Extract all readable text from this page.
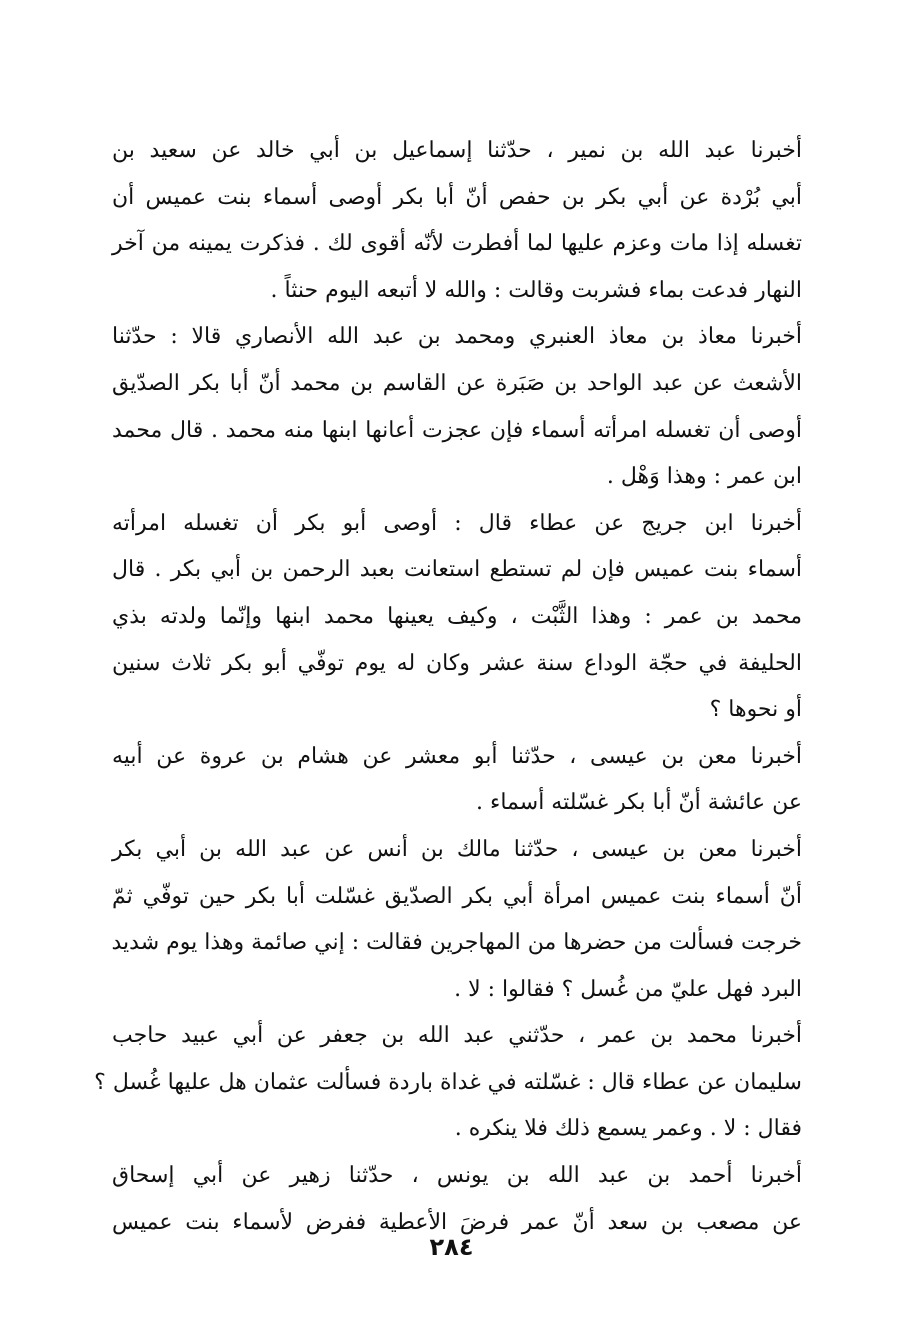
أخبرنا عبد الله بن نمير ، حدّثنا إسماعيل بن أبي خالد عن سعيد بن
أبي بُرْدة عن أبي بكر بن حفص أنّ أبا بكر أوصى أسماء بنت عميس أن
تغسله إذا مات وعزم عليها لما أفطرت لأنّه أقوى لك . فذكرت يمينه من آخر
النهار فدعت بماء فشربت وقالت : والله لا أتبعه اليوم حنثاً .
أخبرنا معاذ بن معاذ العنبري ومحمد بن عبد الله الأنصاري قالا : حدّثنا
الأشعث عن عبد الواحد بن صَبَرة عن القاسم بن محمد أنّ أبا بكر الصدّيق
أوصى أن تغسله امرأته أسماء فإن عجزت أعانها ابنها منه محمد . قال محمد
ابن عمر : وهذا وَهْل .
أخبرنا ابن جريج عن عطاء قال : أوصى أبو بكر أن تغسله امرأته
أسماء بنت عميس فإن لم تستطع استعانت بعبد الرحمن بن أبي بكر . قال
محمد بن عمر : وهذا الثَّبْت ، وكيف يعينها محمد ابنها وإنّما ولدته بذي
الحليفة في حجّة الوداع سنة عشر وكان له يوم توفّي أبو بكر ثلاث سنين
أو نحوها ؟
أخبرنا معن بن عيسى ، حدّثنا أبو معشر عن هشام بن عروة عن أبيه
عن عائشة أنّ أبا بكر غسّلته أسماء .
أخبرنا معن بن عيسى ، حدّثنا مالك بن أنس عن عبد الله بن أبي بكر
أنّ أسماء بنت عميس امرأة أبي بكر الصدّيق غسّلت أبا بكر حين توفّي ثمّ
خرجت فسألت من حضرها من المهاجرين فقالت : إني صائمة وهذا يوم شديد
البرد فهل عليّ من غُسل ؟ فقالوا : لا .
أخبرنا محمد بن عمر ، حدّثني عبد الله بن جعفر عن أبي عبيد حاجب
سليمان عن عطاء قال : غسّلته في غداة باردة فسألت عثمان هل عليها غُسل ؟
فقال : لا . وعمر يسمع ذلك فلا ينكره .
أخبرنا أحمد بن عبد الله بن يونس ، حدّثنا زهير عن أبي إسحاق
عن مصعب بن سعد أنّ عمر فرضَ الأعطية ففرض لأسماء بنت عميس
٢٨٤
